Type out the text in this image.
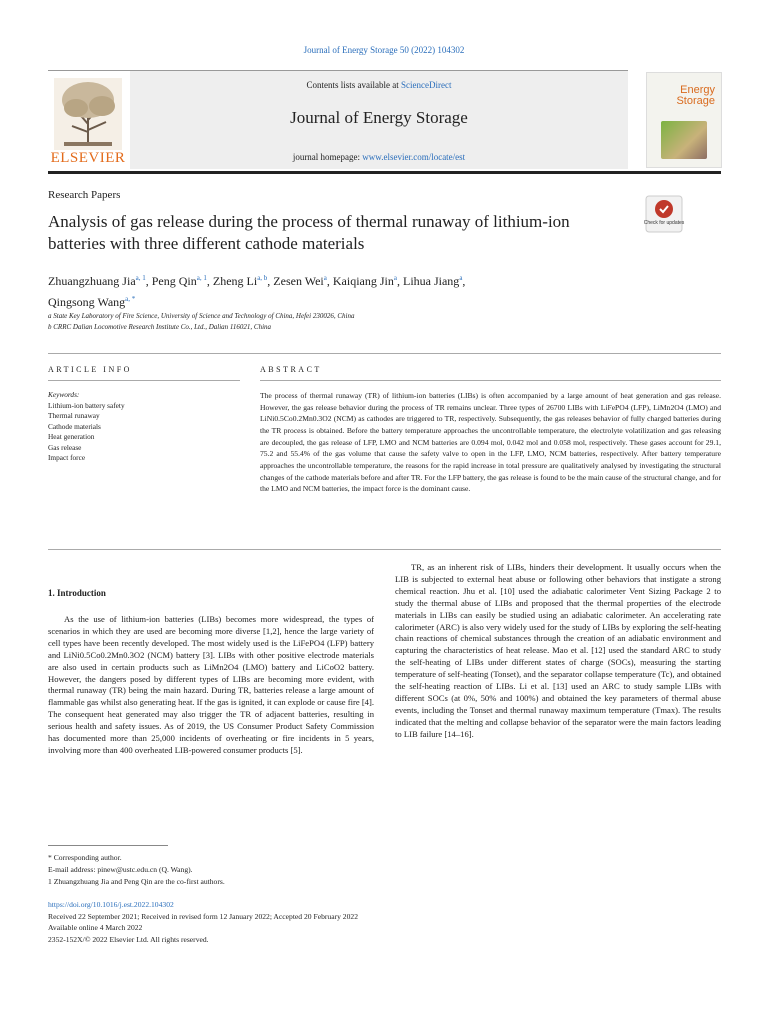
Journal of Energy Storage 50 (2022) 104302
ELSEVIER
Contents lists available at ScienceDirect
Journal of Energy Storage
journal homepage: www.elsevier.com/locate/est
Energy Storage
Research Papers
Analysis of gas release during the process of thermal runaway of lithium-ion batteries with three different cathode materials
Check for updates
Zhuangzhuang Jia$^{a, 1}$, Peng Qin$^{a, 1}$, Zheng Li$^{a, b}$, Zesen Wei$^a$, Kaiqiang Jin$^a$, Lihua Jiang$^a$,
Qingsong Wang$^{a, *}$
a State Key Laboratory of Fire Science, University of Science and Technology of China, Hefei 230026, China
b CRRC Dalian Locomotive Research Institute Co., Ltd., Dalian 116021, China
ARTICLE INFO
Keywords:
Lithium-ion battery safety
Thermal runaway
Cathode materials
Heat generation
Gas release
Impact force
ABSTRACT
The process of thermal runaway (TR) of lithium-ion batteries (LIBs) is often accompanied by a large amount of heat generation and gas release. However, the gas release behavior during the process of TR remains unclear. Three types of 26700 LIBs with LiFePO4 (LFP), LiMn2O4 (LMO) and LiNi0.5Co0.2Mn0.3O2 (NCM) as cathodes are triggered to TR, respectively. Subsequently, the gas releases behavior of fully charged batteries during the TR process is obtained. Before the battery temperature approaches the uncontrollable temperature, the electrolyte volatilization and gas releasing are decoupled, the gas release of LFP, LMO and NCM batteries are 0.094 mol, 0.042 mol and 0.058 mol, respectively. These gases account for 29.1, 75.2 and 55.4% of the gas volume that cause the safety valve to open in the LFP, LMO, NCM batteries, respectively. After battery temperature approaches the uncontrollable temperature, the reasons for the rapid increase in total pressure are qualitatively analysed by investigating the structural changes of the cathode materials before and after TR. For the LFP battery, the gas release is found to be the main cause of the structural change, and for the LMO and NCM batteries, the impact force is the dominant cause.
1. Introduction
As the use of lithium-ion batteries (LIBs) becomes more widespread, the types of scenarios in which they are used are becoming more diverse [1,2], hence the large variety of cell types have been recently developed. The most widely used is the LiFePO4 (LFP) battery and LiNi0.5Co0.2Mn0.3O2 (NCM) battery [3]. LIBs with other positive electrode materials are also used in certain products such as LiMn2O4 (LMO) battery and LiCoO2 battery. However, the dangers posed by different types of LIBs are becoming more evident, with thermal runaway (TR) being the main hazard. During TR, batteries release a large amount of flammable gas whilst also generating heat. If the gas is ignited, it can explode or cause fire [4]. The consequent heat generated may also trigger the TR of adjacent batteries, resulting in serious health and safety issues. As of 2019, the US Consumer Product Safety Commission has documented more than 25,000 incidents of overheating or fire incidents in 5 years, involving more than 400 overheated LIB-powered consumer products [5].
TR, as an inherent risk of LIBs, hinders their development. It usually occurs when the LIB is subjected to external heat abuse or following other behaviors that instigate a strong chemical reaction. Jhu et al. [10] used the adiabatic calorimeter Vent Sizing Package 2 to study the thermal abuse of LIBs and proposed that the thermal properties of the electrode materials in LIBs can easily be studied using an adiabatic calorimeter. An accelerating rate calorimeter (ARC) is also very widely used for the study of LIBs by exploring the self-heating chain reactions of chemical substances through the creation of an adiabatic environment and capturing the characteristics of heat release. Mao et al. [12] used the standard ARC to study the self-heating of LIBs under different states of charge (SOCs), measuring the starting temperature of self-heating (Tonset), and the separator collapse temperature (Tc), and obtained the self-heating reaction of LIBs. Li et al. [13] used an ARC to study sample LIBs with different SOCs (at 0%, 50% and 100%) and obtained the key parameters of thermal abuse events, including the Tonset and thermal runaway maximum temperature (Tmax). The results indicated that the melting and collapse behavior of the separator were the main factors leading to LIB failure [14–16].
* Corresponding author.
E-mail address: pinew@ustc.edu.cn (Q. Wang).
1 Zhuangzhuang Jia and Peng Qin are the co-first authors.
https://doi.org/10.1016/j.est.2022.104302
Received 22 September 2021; Received in revised form 12 January 2022; Accepted 20 February 2022
Available online 4 March 2022
2352-152X/© 2022 Elsevier Ltd. All rights reserved.
